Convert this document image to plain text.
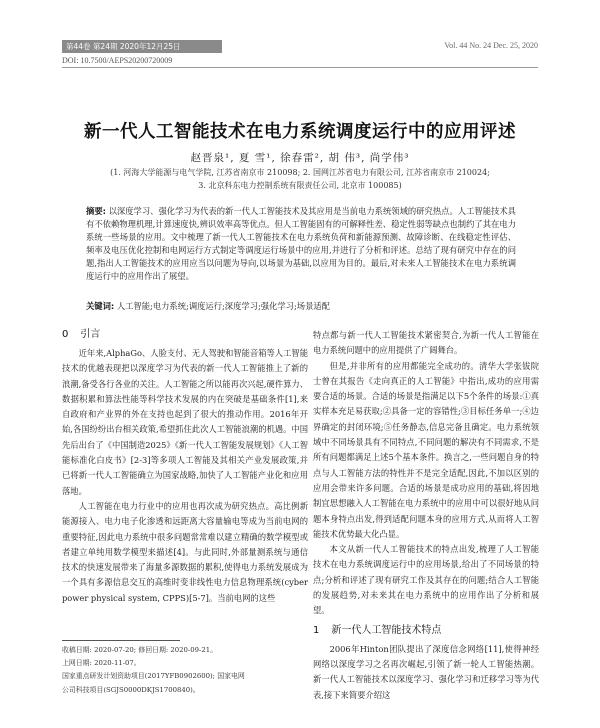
第44卷 第24期 2020年12月25日	Vol. 44 No. 24 Dec. 25, 2020
DOI: 10.7500/AEPS20200720009
新一代人工智能技术在电力系统调度运行中的应用评述
赵晋泉¹, 夏 雪¹, 徐春雷², 胡 伟³, 尚学伟³
(1. 河海大学能源与电气学院, 江苏省南京市 210098; 2. 国网江苏省电力有限公司, 江苏省南京市 210024;
3. 北京科东电力控制系统有限责任公司, 北京市 100085)
摘要: 以深度学习、强化学习为代表的新一代人工智能技术及其应用是当前电力系统领域的研究热点。人工智能技术具有不依赖物理机理,计算速度快,辨识效率高等优点。但人工智能固有的可解释性差、稳定性弱等缺点也制约了其在电力系统一些场景的应用。文中梳理了新一代人工智能技术在电力系统负荷和新能源预测、故障诊断、在线稳定性评估、频率及电压优化控制和电网运行方式制定等调度运行场景中的应用,并进行了分析和评述。总结了现有研究中存在的问题,指出人工智能技术的应用应当以问题为导向,以场景为基础,以应用为目的。最后,对未来人工智能技术在电力系统调度运行中的应用作出了展望。
关键词: 人工智能;电力系统;调度运行;深度学习;强化学习;场景适配
0 引言

近年来,AlphaGo、人脸支付、无人驾驶和智能音箱等人工智能技术的优越表现把以深度学习为代表的新一代人工智能推上了新的浪潮,备受各行各业的关注。人工智能之所以能再次兴起,硬件算力、数据积累和算法性能等科学技术发展的内在突破是基础条件[1],来自政府和产业界的外在支持也起到了很大的推动作用。2016年开始,各国纷纷出台相关政策,希望抓住此次人工智能浪潮的机遇。中国先后出台了《中国制造2025》《新一代人工智能发展规划》《人工智能标准化白皮书》[2-3]等多项人工智能及其相关产业发展政策,并已将新一代人工智能确立为国家战略,加快了人工智能产业化和应用落地。

人工智能在电力行业中的应用也再次成为研究热点。高比例新能源接入、电力电子化渗透和远距离大容量输电等成为当前电网的重要特征,因此电力系统中很多问题常常难以建立精确的数学模型或者建立单纯用数学模型来描述[4]。与此同时,外部量测系统与通信技术的快速发展带来了海量多源数据的累积,使得电力系统发展成为一个具有多源信息交互的高维时变非线性电力信息物理系统(cyber power physical system, CPPS)[5-7]。当前电网的这些

特点都与新一代人工智能技术紧密契合,为新一代人工智能在电力系统问题中的应用提供了广阔舞台。

但是,并非所有的应用都能完全成功的。清华大学张钹院士曾在其报告《走向真正的人工智能》中指出,成功的应用需要合适的场景。合适的场景是指满足以下5个条件的场景:①真实样本充足易获取;②具备一定的容错性;③目标任务单一;④边界确定的封闭环境;⑤任务静态,信息完备且确定。电力系统领域中不同场景具有不同特点,不同问题的解决有不同需求,不是所有问题都满足上述5个基本条件。换言之,一些问题自身的特点与人工智能方法的特性并不是完全适配,因此,不加以区别的应用会带来许多问题。合适的场景是成功应用的基础,将因地制宜思想融入人工智能在电力系统中的应用中可以很好地从问题本身特点出发,得到适配问题本身的应用方式,从而将人工智能技术优势最大化凸显。

本文从新一代人工智能技术的特点出发,梳理了人工智能技术在电力系统调度运行中的应用场景,给出了不同场景的特点;分析和评述了现有研究工作及其存在的问题;结合人工智能的发展趋势,对未来其在电力系统中的应用作出了分析和展望。

1 新一代人工智能技术特点

2006年Hinton团队提出了深度信念网络[11],使得神经网络以深度学习之名再次崛起,引领了新一轮人工智能热潮。新一代人工智能技术以深度学习、强化学习和迁移学习等为代表,接下来简要介绍这

收稿日期: 2020-07-20; 修回日期: 2020-09-21。
上网日期: 2020-11-07。
国家重点研发计划资助项目(2017YFB0902600); 国家电网
公司科技项目(SGJS0000DKJS1700840)。
